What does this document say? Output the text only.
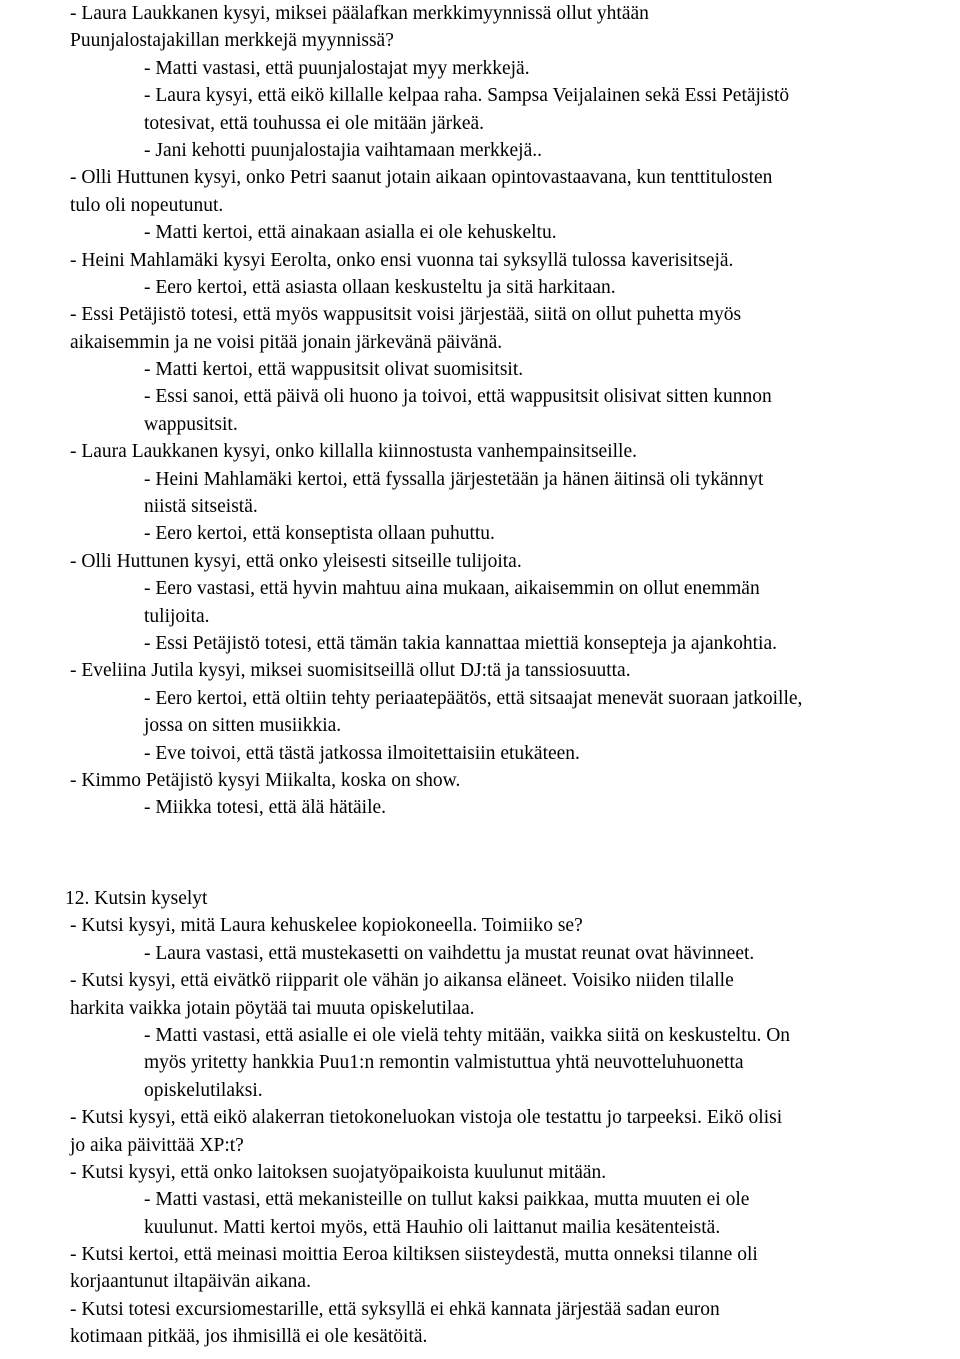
- Laura Laukkanen kysyi, miksei päälafkan merkkimyynnissä ollut yhtään
Puunjalostajakillan merkkejä myynnissä?
- Matti vastasi, että puunjalostajat myy merkkejä.
- Laura kysyi, että eikö killalle kelpaa raha. Sampsa Veijalainen sekä Essi Petäjistö
totesivat, että touhussa ei ole mitään järkeä.
- Jani kehotti puunjalostajia vaihtamaan merkkejä..
- Olli Huttunen kysyi, onko Petri saanut jotain aikaan opintovastaavana, kun tenttitulosten
tulo oli nopeutunut.
- Matti kertoi, että ainakaan asialla ei ole kehuskeltu.
- Heini Mahlamäki kysyi Eerolta, onko ensi vuonna tai syksyllä tulossa kaverisitsejä.
- Eero kertoi, että asiasta ollaan keskusteltu ja sitä harkitaan.
- Essi Petäjistö totesi, että myös wappusitsit voisi järjestää, siitä on ollut puhetta myös
aikaisemmin ja ne voisi pitää jonain järkevänä päivänä.
- Matti kertoi, että wappusitsit olivat suomisitsit.
- Essi sanoi, että päivä oli huono ja toivoi, että wappusitsit olisivat sitten kunnon
wappusitsit.
- Laura Laukkanen kysyi, onko killalla kiinnostusta vanhempainsitseille.
- Heini Mahlamäki kertoi, että fyssalla järjestetään ja hänen äitinsä oli tykännyt
niistä sitseistä.
- Eero kertoi, että konseptista ollaan puhuttu.
- Olli Huttunen kysyi, että onko yleisesti sitseille tulijoita.
- Eero vastasi, että hyvin mahtuu aina mukaan, aikaisemmin on ollut enemmän
tulijoita.
- Essi Petäjistö totesi, että tämän takia kannattaa miettiä konsepteja ja ajankohtia.
- Eveliina Jutila kysyi, miksei suomisitseillä ollut DJ:tä ja tanssiosuutta.
- Eero kertoi, että oltiin tehty periaatepäätös, että sitsaajat menevät suoraan jatkoille,
jossa on sitten musiikkia.
- Eve toivoi, että tästä jatkossa ilmoitettaisiin etukäteen.
- Kimmo Petäjistö kysyi Miikalta, koska on show.
- Miikka totesi, että älä hätäile.
12. Kutsin kyselyt
- Kutsi kysyi, mitä Laura kehuskelee kopiokoneella. Toimiiko se?
- Laura vastasi, että mustekasetti on vaihdettu ja mustat reunat ovat hävinneet.
- Kutsi kysyi, että eivätkö riipparit ole vähän jo aikansa eläneet. Voisiko niiden tilalle
harkita vaikka jotain pöytää tai muuta opiskelutilaa.
- Matti vastasi, että asialle ei ole vielä tehty mitään, vaikka siitä on keskusteltu. On
myös yritetty hankkia Puu1:n remontin valmistuttua yhtä neuvotteluhuonetta
opiskelutilaksi.
- Kutsi kysyi, että eikö alakerran tietokoneluokan vistoja ole testattu jo tarpeeksi. Eikö olisi
jo aika päivittää XP:t?
- Kutsi kysyi, että onko laitoksen suojatyöpaikoista kuulunut mitään.
- Matti vastasi, että mekanisteille on tullut kaksi paikkaa, mutta muuten ei ole
kuulunut. Matti kertoi myös, että Hauhio oli laittanut mailia kesätenteistä.
- Kutsi kertoi, että meinasi moittia Eeroa kiltiksen siisteydestä, mutta onneksi tilanne oli
korjaantunut iltapäivän aikana.
- Kutsi totesi excursiomestarille, että syksyllä ei ehkä kannata järjestää sadan euron
kotimaan pitkää, jos ihmisillä ei ole kesätöitä.
